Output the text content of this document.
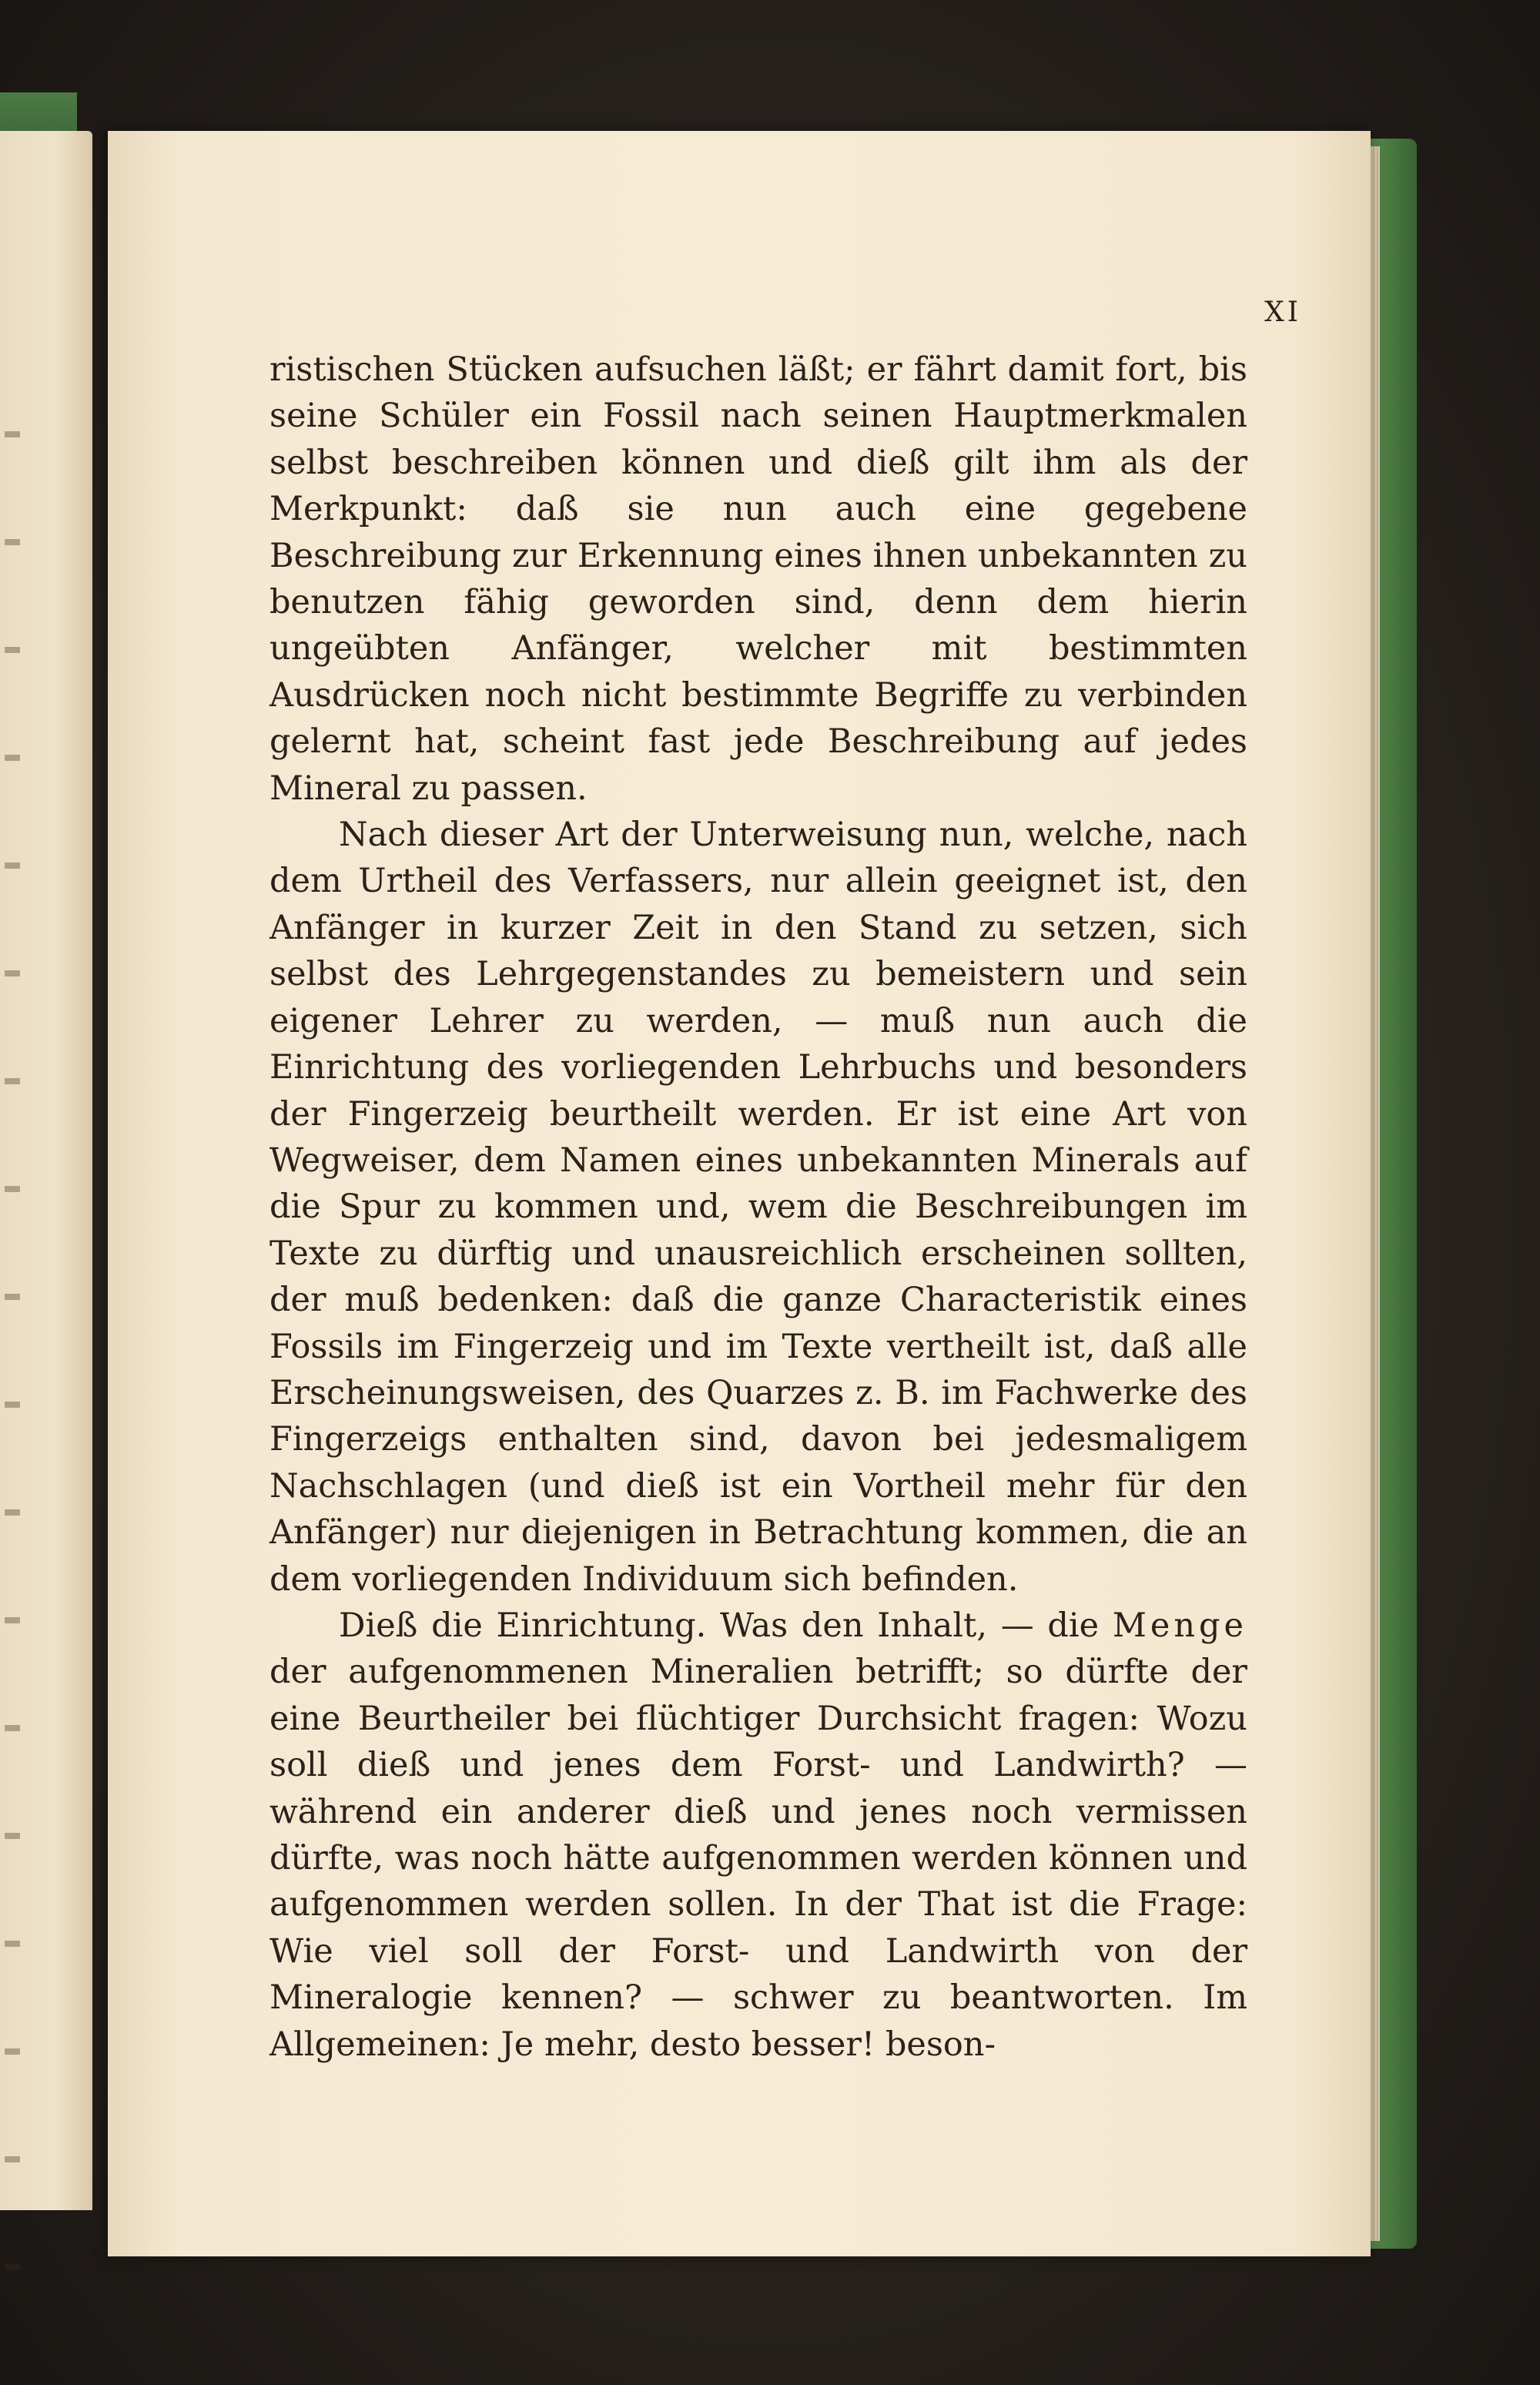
XI

ristischen Stücken aufsuchen läßt; er fährt damit fort, bis seine Schüler ein Fossil nach seinen Hauptmerkmalen selbst beschreiben können und dieß gilt ihm als der Merkpunkt: daß sie nun auch eine gegebene Beschreibung zur Erkennung eines ihnen unbekannten zu benutzen fähig geworden sind, denn dem hierin ungeübten Anfänger, welcher mit bestimmten Ausdrücken noch nicht bestimmte Begriffe zu verbinden gelernt hat, scheint fast jede Beschreibung auf jedes Mineral zu passen.

Nach dieser Art der Unterweisung nun, welche, nach dem Urtheil des Verfassers, nur allein geeignet ist, den Anfänger in kurzer Zeit in den Stand zu setzen, sich selbst des Lehrgegenstandes zu bemeistern und sein eigener Lehrer zu werden, — muß nun auch die Einrichtung des vorliegenden Lehrbuchs und besonders der Fingerzeig beurtheilt werden. Er ist eine Art von Wegweiser, dem Namen eines unbekannten Minerals auf die Spur zu kommen und, wem die Beschreibungen im Texte zu dürftig und unausreichlich erscheinen sollten, der muß bedenken: daß die ganze Characteristik eines Fossils im Fingerzeig und im Texte vertheilt ist, daß alle Erscheinungsweisen, des Quarzes z. B. im Fachwerke des Fingerzeigs enthalten sind, davon bei jedesmaligem Nachschlagen (und dieß ist ein Vortheil mehr für den Anfänger) nur diejenigen in Betrachtung kommen, die an dem vorliegenden Individuum sich befinden.

Dieß die Einrichtung. Was den Inhalt, — die Menge der aufgenommenen Mineralien betrifft; so dürfte der eine Beurtheiler bei flüchtiger Durchsicht fragen: Wozu soll dieß und jenes dem Forst- und Landwirth? — während ein anderer dieß und jenes noch vermissen dürfte, was noch hätte aufgenommen werden können und aufgenommen werden sollen. In der That ist die Frage: Wie viel soll der Forst- und Landwirth von der Mineralogie kennen? — schwer zu beantworten. Im Allgemeinen: Je mehr, desto besser! beson-
